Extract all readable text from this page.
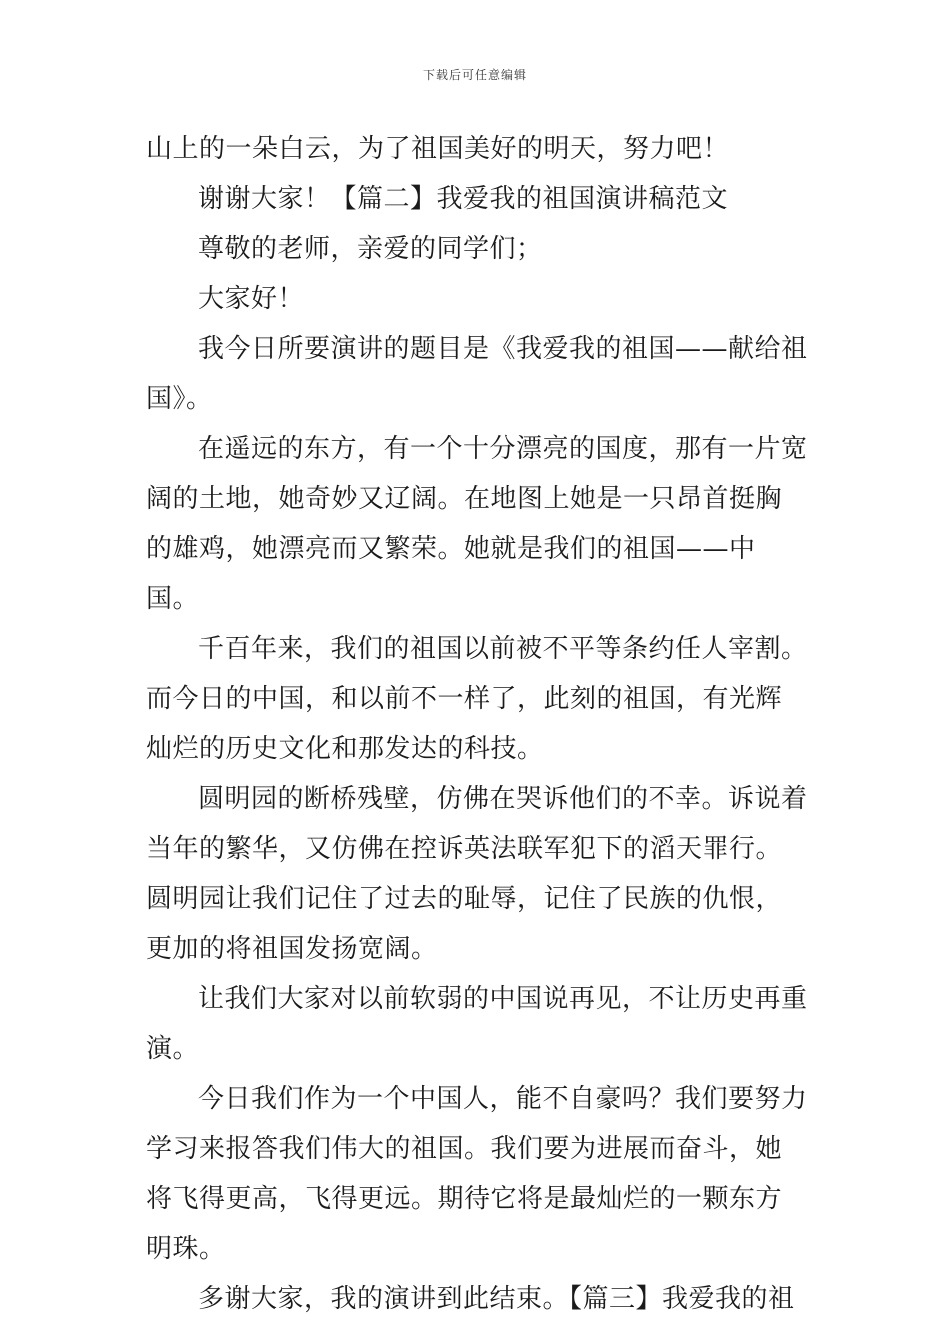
下载后可任意编辑

山上的一朵白云，为了祖国美好的明天，努力吧！

谢谢大家！【篇二】我爱我的祖国演讲稿范文

尊敬的老师，亲爱的同学们；

大家好！

我今日所要演讲的题目是《我爱我的祖国——献给祖国》。

在遥远的东方，有一个十分漂亮的国度，那有一片宽阔的土地，她奇妙又辽阔。在地图上她是一只昂首挺胸的雄鸡，她漂亮而又繁荣。她就是我们的祖国——中国。

千百年来，我们的祖国以前被不平等条约任人宰割。而今日的中国，和以前不一样了，此刻的祖国，有光辉灿烂的历史文化和那发达的科技。

圆明园的断桥残壁，仿佛在哭诉他们的不幸。诉说着当年的繁华，又仿佛在控诉英法联军犯下的滔天罪行。圆明园让我们记住了过去的耻辱，记住了民族的仇恨，更加的将祖国发扬宽阔。

让我们大家对以前软弱的中国说再见，不让历史再重演。

今日我们作为一个中国人，能不自豪吗？我们要努力学习来报答我们伟大的祖国。我们要为进展而奋斗，她将飞得更高，飞得更远。期待它将是最灿烂的一颗东方明珠。

多谢大家，我的演讲到此结束。【篇三】我爱我的祖
